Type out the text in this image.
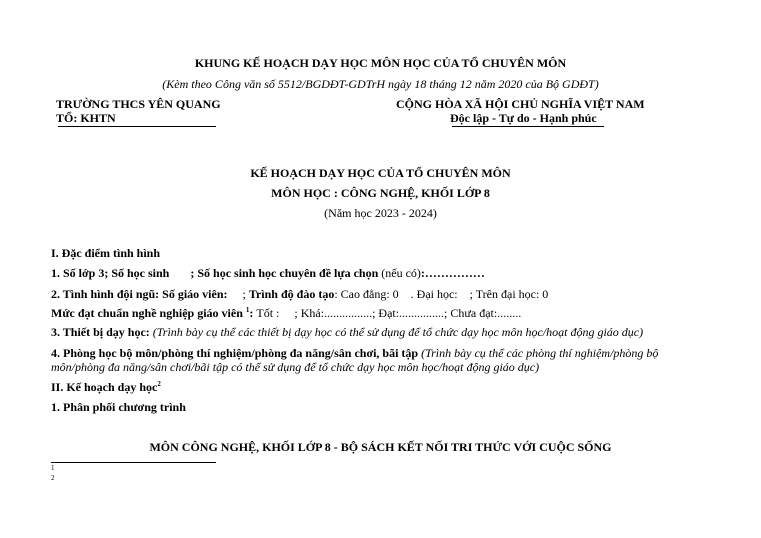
KHUNG KẾ HOẠCH DẠY HỌC MÔN HỌC CỦA TỔ CHUYÊN MÔN
(Kèm theo Công văn số 5512/BGDĐT-GDTrH ngày 18 tháng 12 năm 2020 của Bộ GDĐT)
TRƯỜNG THCS YÊN QUANG
TỔ: KHTN
CỘNG HÒA XÃ HỘI CHỦ NGHĨA VIỆT NAM
Độc lập - Tự do - Hạnh phúc
KẾ HOẠCH DẠY HỌC CỦA TỔ CHUYÊN MÔN
MÔN HỌC : CÔNG NGHỆ, KHỐI LỚP 8
(Năm học 2023 - 2024)
I. Đặc điểm tình hình
1. Số lớp 3; Số học sinh       ; Số học sinh học chuyên đề lựa chọn (nếu có):……………
2. Tình hình đội ngũ: Số giáo viên:     ; Trình độ đào tạo: Cao đẳng: 0    . Đại học:    ; Trên đại học: 0
Mức đạt chuẩn nghề nghiệp giáo viên $^1$: Tốt :     ; Khá:................; Đạt:...............; Chưa đạt:........
3. Thiết bị dạy học: (Trình bày cụ thể các thiết bị dạy học có thể sử dụng để tổ chức dạy học môn học/hoạt động giáo dục)
4. Phòng học bộ môn/phòng thí nghiệm/phòng đa năng/sân chơi, bãi tập (Trình bày cụ thể các phòng thí nghiệm/phòng bộ môn/phòng đa năng/sân chơi/bãi tập có thể sử dụng để tổ chức dạy học môn học/hoạt động giáo dục)
II. Kế hoạch dạy học$^2$
1. Phân phối chương trình
MÔN CÔNG NGHỆ, KHỐI LỚP 8 - BỘ SÁCH KẾT NỐI TRI THỨC VỚI CUỘC SỐNG
1
2
